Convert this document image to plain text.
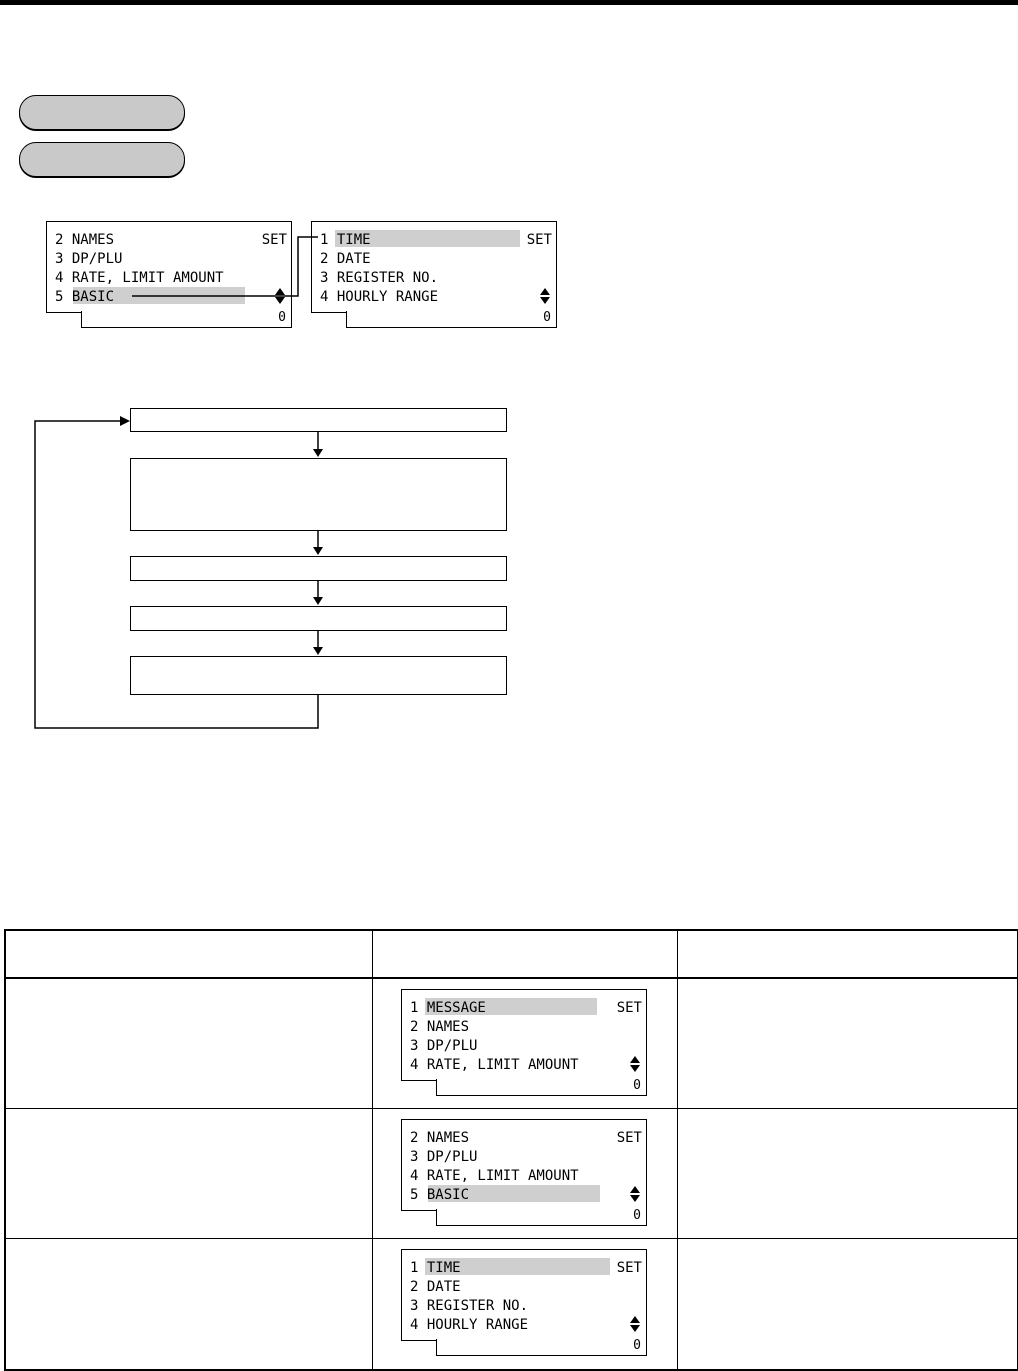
2 NAMES
3 DP/PLU
4 RATE, LIMIT AMOUNT
5 BASIC
SET
0
1 TIME
2 DATE
3 REGISTER NO.
4 HOURLY RANGE
SET
0
1 MESSAGE
2 NAMES
3 DP/PLU
4 RATE, LIMIT AMOUNT
SET
0
2 NAMES
3 DP/PLU
4 RATE, LIMIT AMOUNT
5 BASIC
SET
0
1 TIME
2 DATE
3 REGISTER NO.
4 HOURLY RANGE
SET
0
